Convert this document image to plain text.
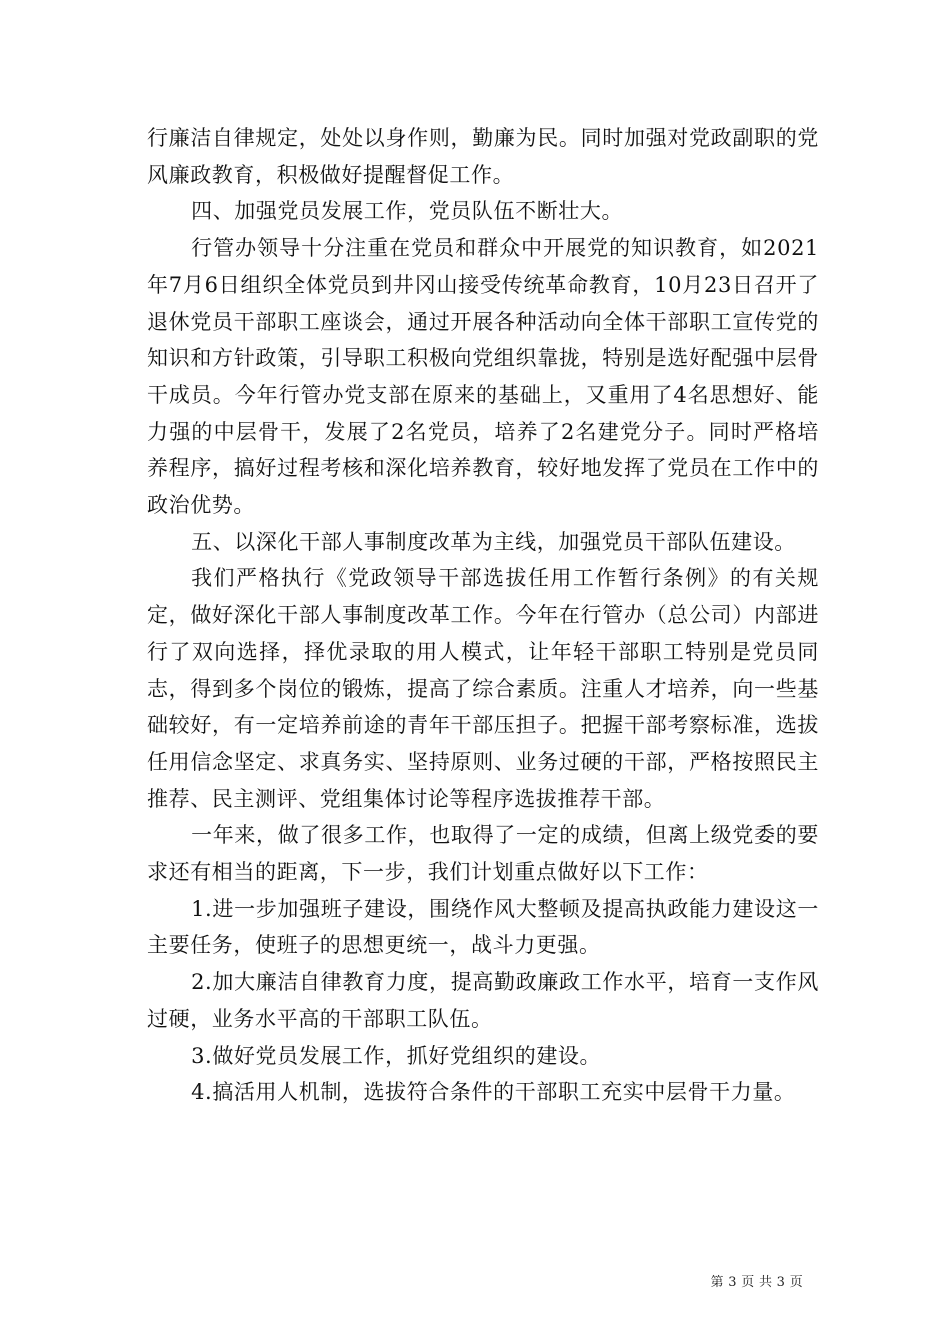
行廉洁自律规定，处处以身作则，勤廉为民。同时加强对党政副职的党风廉政教育，积极做好提醒督促工作。

四、加强党员发展工作，党员队伍不断壮大。

行管办领导十分注重在党员和群众中开展党的知识教育，如2021年7月6日组织全体党员到井冈山接受传统革命教育，10月23日召开了退休党员干部职工座谈会，通过开展各种活动向全体干部职工宣传党的知识和方针政策，引导职工积极向党组织靠拢，特别是选好配强中层骨干成员。今年行管办党支部在原来的基础上，又重用了4名思想好、能力强的中层骨干，发展了2名党员，培养了2名建党分子。同时严格培养程序，搞好过程考核和深化培养教育，较好地发挥了党员在工作中的政治优势。

五、以深化干部人事制度改革为主线，加强党员干部队伍建设。

我们严格执行《党政领导干部选拔任用工作暂行条例》的有关规定，做好深化干部人事制度改革工作。今年在行管办（总公司）内部进行了双向选择，择优录取的用人模式，让年轻干部职工特别是党员同志，得到多个岗位的锻炼，提高了综合素质。注重人才培养，向一些基础较好，有一定培养前途的青年干部压担子。把握干部考察标准，选拔任用信念坚定、求真务实、坚持原则、业务过硬的干部，严格按照民主推荐、民主测评、党组集体讨论等程序选拔推荐干部。

一年来，做了很多工作，也取得了一定的成绩，但离上级党委的要求还有相当的距离，下一步，我们计划重点做好以下工作：

1.进一步加强班子建设，围绕作风大整顿及提高执政能力建设这一主要任务，使班子的思想更统一，战斗力更强。

2.加大廉洁自律教育力度，提高勤政廉政工作水平，培育一支作风过硬，业务水平高的干部职工队伍。

3.做好党员发展工作，抓好党组织的建设。

4.搞活用人机制，选拔符合条件的干部职工充实中层骨干力量。

第 3 页 共 3 页
